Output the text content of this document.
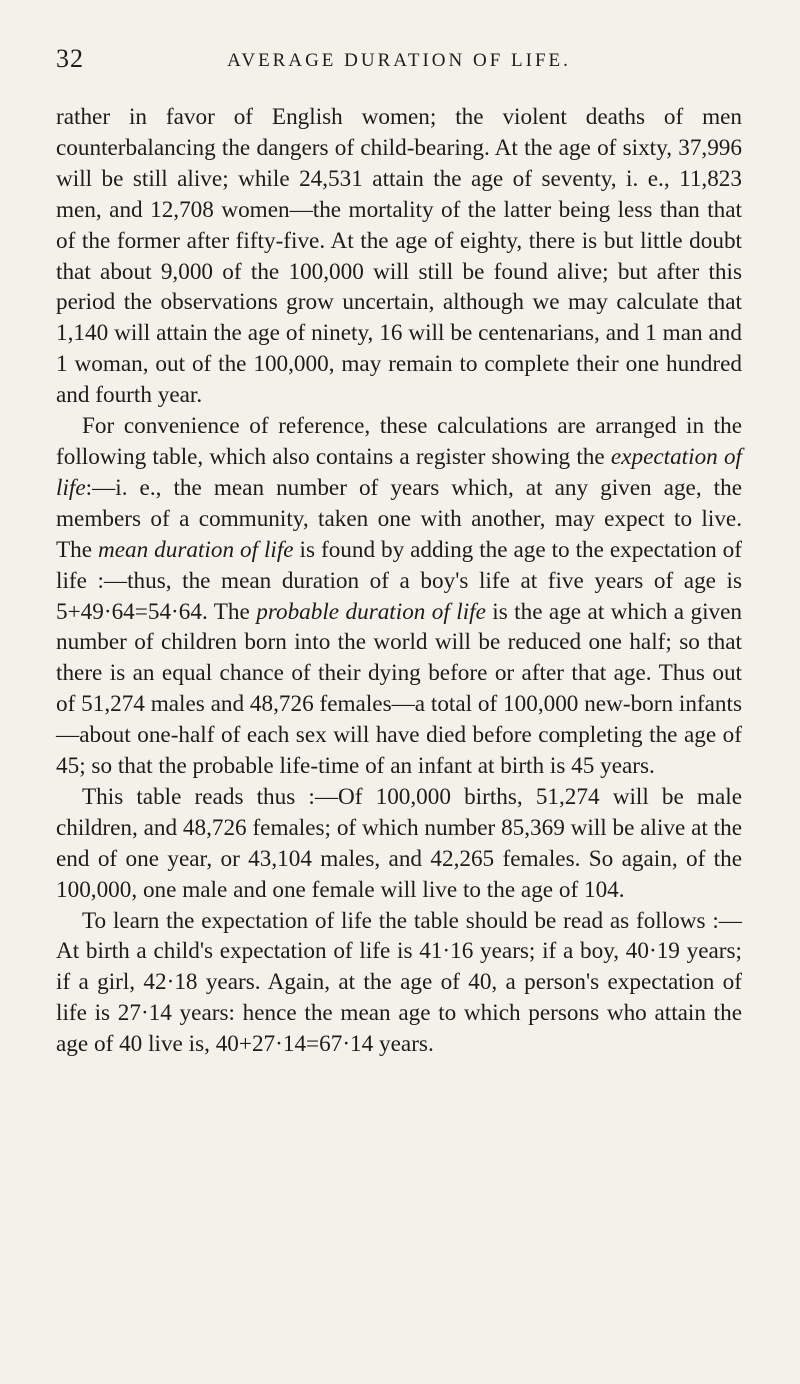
32	AVERAGE DURATION OF LIFE.

rather in favor of English women; the violent deaths of men counterbalancing the dangers of child-bearing. At the age of sixty, 37,996 will be still alive; while 24,531 attain the age of seventy, i. e., 11,823 men, and 12,708 women—the mortality of the latter being less than that of the former after fifty-five. At the age of eighty, there is but little doubt that about 9,000 of the 100,000 will still be found alive; but after this period the observations grow uncertain, although we may calculate that 1,140 will attain the age of ninety, 16 will be centenarians, and 1 man and 1 woman, out of the 100,000, may remain to complete their one hundred and fourth year.

For convenience of reference, these calculations are arranged in the following table, which also contains a register showing the expectation of life:—i. e., the mean number of years which, at any given age, the members of a community, taken one with another, may expect to live. The mean duration of life is found by adding the age to the expectation of life :—thus, the mean duration of a boy's life at five years of age is 5+49·64=54·64. The probable duration of life is the age at which a given number of children born into the world will be reduced one half; so that there is an equal chance of their dying before or after that age. Thus out of 51,274 males and 48,726 females—a total of 100,000 new-born infants—about one-half of each sex will have died before completing the age of 45; so that the probable life-time of an infant at birth is 45 years.

This table reads thus :—Of 100,000 births, 51,274 will be male children, and 48,726 females; of which number 85,369 will be alive at the end of one year, or 43,104 males, and 42,265 females. So again, of the 100,000, one male and one female will live to the age of 104.

To learn the expectation of life the table should be read as follows :—At birth a child's expectation of life is 41·16 years; if a boy, 40·19 years; if a girl, 42·18 years. Again, at the age of 40, a person's expectation of life is 27·14 years: hence the mean age to which persons who attain the age of 40 live is, 40+27·14=67·14 years.
